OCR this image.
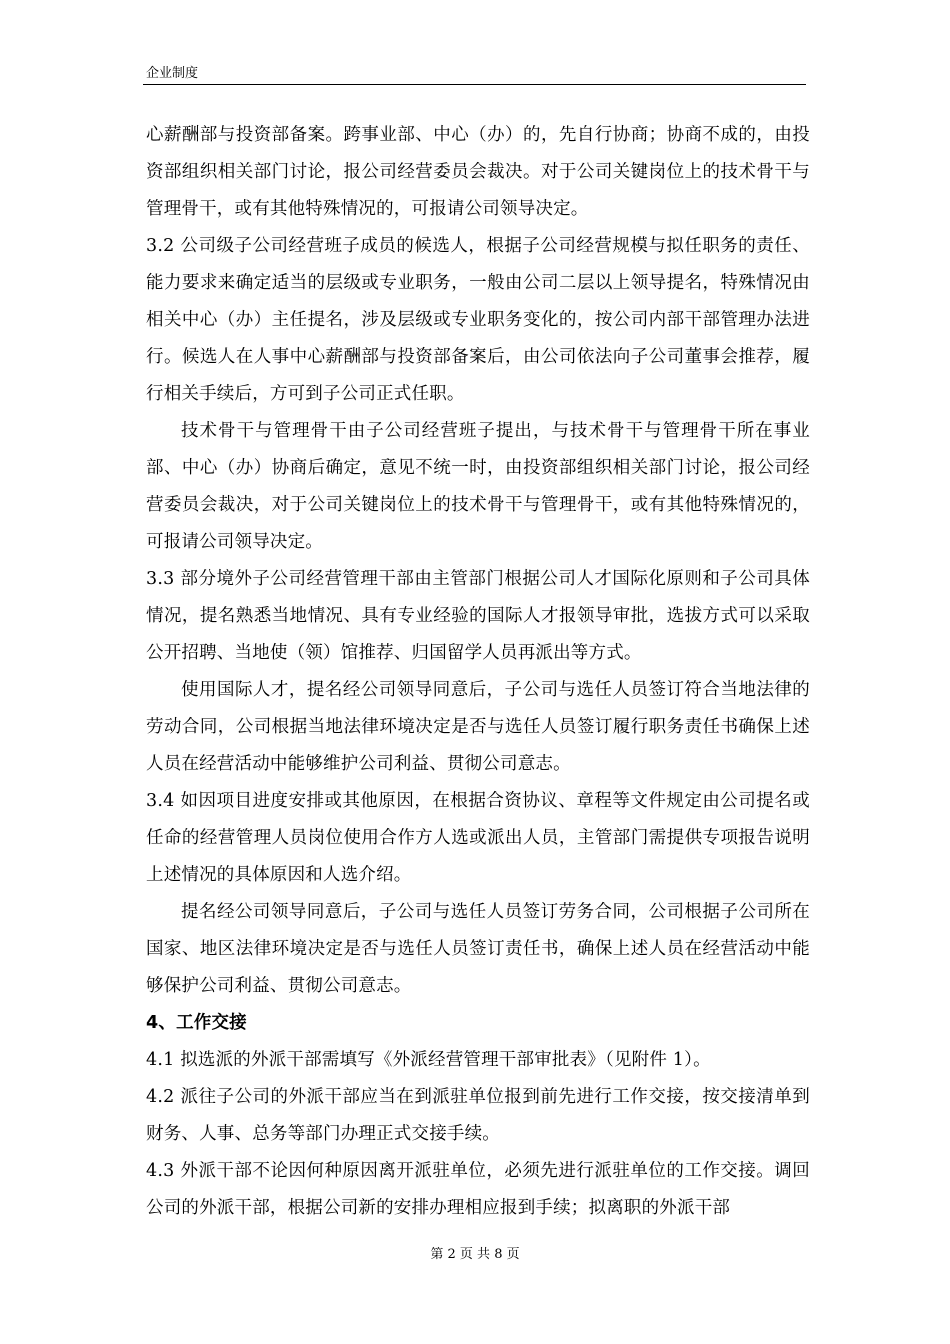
企业制度

心薪酬部与投资部备案。跨事业部、中心（办）的，先自行协商；协商不成的，由投资部组织相关部门讨论，报公司经营委员会裁决。对于公司关键岗位上的技术骨干与管理骨干，或有其他特殊情况的，可报请公司领导决定。

3.2 公司级子公司经营班子成员的候选人，根据子公司经营规模与拟任职务的责任、能力要求来确定适当的层级或专业职务，一般由公司二层以上领导提名，特殊情况由相关中心（办）主任提名，涉及层级或专业职务变化的，按公司内部干部管理办法进行。候选人在人事中心薪酬部与投资部备案后，由公司依法向子公司董事会推荐，履行相关手续后，方可到子公司正式任职。

技术骨干与管理骨干由子公司经营班子提出，与技术骨干与管理骨干所在事业部、中心（办）协商后确定，意见不统一时，由投资部组织相关部门讨论，报公司经营委员会裁决，对于公司关键岗位上的技术骨干与管理骨干，或有其他特殊情况的，可报请公司领导决定。

3.3 部分境外子公司经营管理干部由主管部门根据公司人才国际化原则和子公司具体情况，提名熟悉当地情况、具有专业经验的国际人才报领导审批，选拔方式可以采取公开招聘、当地使（领）馆推荐、归国留学人员再派出等方式。

使用国际人才，提名经公司领导同意后，子公司与选任人员签订符合当地法律的劳动合同，公司根据当地法律环境决定是否与选任人员签订履行职务责任书确保上述人员在经营活动中能够维护公司利益、贯彻公司意志。

3.4 如因项目进度安排或其他原因，在根据合资协议、章程等文件规定由公司提名或任命的经营管理人员岗位使用合作方人选或派出人员，主管部门需提供专项报告说明上述情况的具体原因和人选介绍。

提名经公司领导同意后，子公司与选任人员签订劳务合同，公司根据子公司所在国家、地区法律环境决定是否与选任人员签订责任书，确保上述人员在经营活动中能够保护公司利益、贯彻公司意志。

4、工作交接

4.1 拟选派的外派干部需填写《外派经营管理干部审批表》（见附件 1）。

4.2 派往子公司的外派干部应当在到派驻单位报到前先进行工作交接，按交接清单到财务、人事、总务等部门办理正式交接手续。

4.3 外派干部不论因何种原因离开派驻单位，必须先进行派驻单位的工作交接。调回公司的外派干部，根据公司新的安排办理相应报到手续；拟离职的外派干部

第 2 页 共 8 页
